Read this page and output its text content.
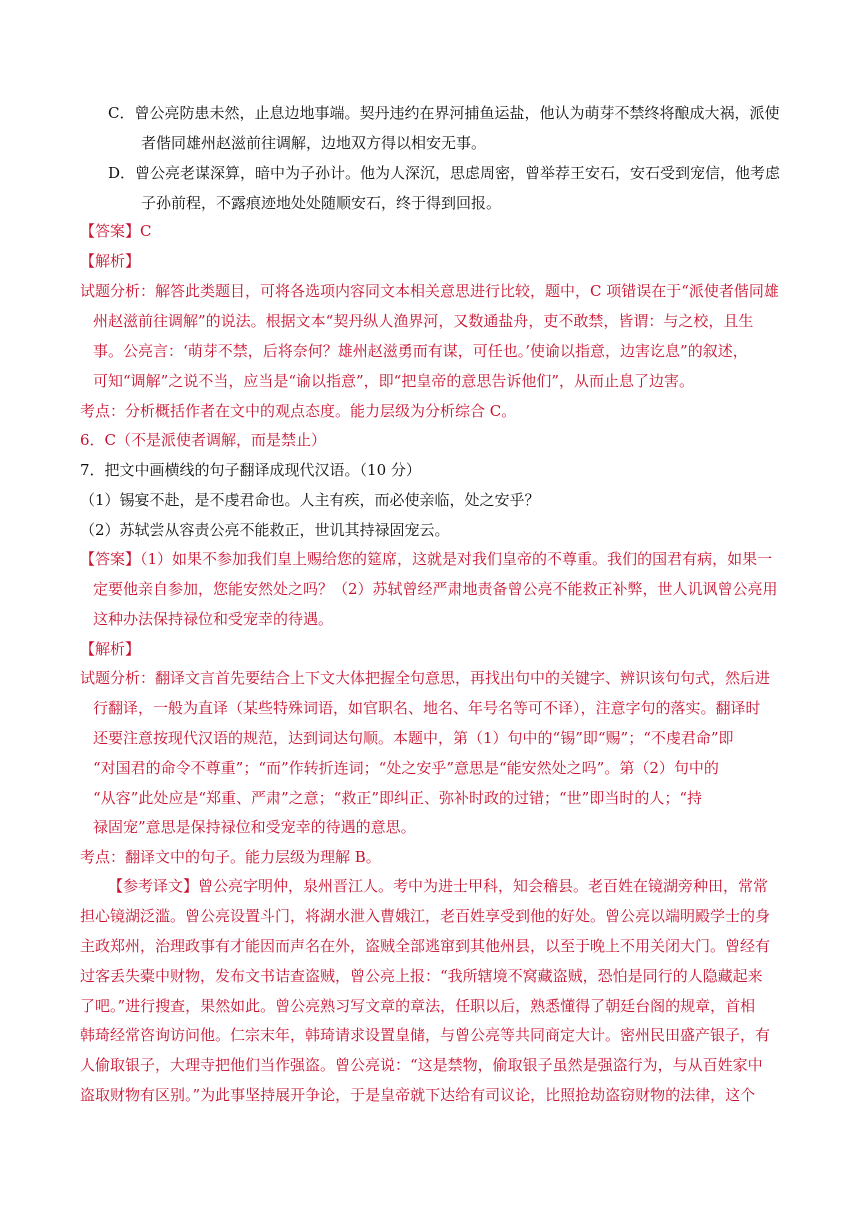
C．曾公亮防患未然，止息边地事端。契丹违约在界河捕鱼运盐，他认为萌芽不禁终将酿成大祸，派使
者偕同雄州赵滋前往调解，边地双方得以相安无事。
D．曾公亮老谋深算，暗中为子孙计。他为人深沉，思虑周密，曾举荐王安石，安石受到宠信，他考虑
子孙前程，不露痕迹地处处随顺安石，终于得到回报。
【答案】C
【解析】
试题分析：解答此类题目，可将各选项内容同文本相关意思进行比较，题中，C 项错误在于“派使者偕同雄
州赵滋前往调解”的说法。根据文本“契丹纵人渔界河，又数通盐舟，吏不敢禁，皆谓：与之校，且生
事。公亮言：‘萌芽不禁，后将奈何？雄州赵滋勇而有谋，可任也。’使谕以指意，边害讫息”的叙述，
可知“调解”之说不当，应当是“谕以指意”，即“把皇帝的意思告诉他们”，从而止息了边害。
考点：分析概括作者在文中的观点态度。能力层级为分析综合 C。
6．C（不是派使者调解，而是禁止）
7．把文中画横线的句子翻译成现代汉语。（10 分）
（1）锡宴不赴，是不虔君命也。人主有疾，而必使亲临，处之安乎？
（2）苏轼尝从容责公亮不能救正，世讥其持禄固宠云。
【答案】（1）如果不参加我们皇上赐给您的筵席，这就是对我们皇帝的不尊重。我们的国君有病，如果一
定要他亲自参加，您能安然处之吗？（2）苏轼曾经严肃地责备曾公亮不能救正补弊，世人讥讽曾公亮用
这种办法保持禄位和受宠幸的待遇。
【解析】
试题分析：翻译文言首先要结合上下文大体把握全句意思，再找出句中的关键字、辨识该句句式，然后进
行翻译，一般为直译（某些特殊词语，如官职名、地名、年号名等可不译），注意字句的落实。翻译时
还要注意按现代汉语的规范，达到词达句顺。本题中，第（1）句中的“锡”即“赐”；“不虔君命”即
“对国君的命令不尊重”；“而”作转折连词；“处之安乎”意思是“能安然处之吗”。第（2）句中的
“从容”此处应是“郑重、严肃”之意；“救正”即纠正、弥补时政的过错；“世”即当时的人；“持
禄固宠”意思是保持禄位和受宠幸的待遇的意思。
考点：翻译文中的句子。能力层级为理解 B。
【参考译文】曾公亮字明仲，泉州晋江人。考中为进士甲科，知会稽县。老百姓在镜湖旁种田，常常
担心镜湖泛滥。曾公亮设置斗门，将湖水泄入曹娥江，老百姓享受到他的好处。曾公亮以端明殿学士的身
主政郑州，治理政事有才能因而声名在外，盗贼全部逃窜到其他州县，以至于晚上不用关闭大门。曾经有
过客丢失橐中财物，发布文书诘查盗贼，曾公亮上报：“我所辖境不窝藏盗贼，恐怕是同行的人隐藏起来
了吧。”进行搜查，果然如此。曾公亮熟习写文章的章法，任职以后，熟悉懂得了朝廷台阁的规章，首相
韩琦经常咨询访问他。仁宗末年，韩琦请求设置皇储，与曾公亮等共同商定大计。密州民田盛产银子，有
人偷取银子，大理寺把他们当作强盗。曾公亮说：“这是禁物，偷取银子虽然是强盗行为，与从百姓家中
盗取财物有区别。”为此事坚持展开争论，于是皇帝就下达给有司议论，比照抢劫盗窃财物的法律，这个
